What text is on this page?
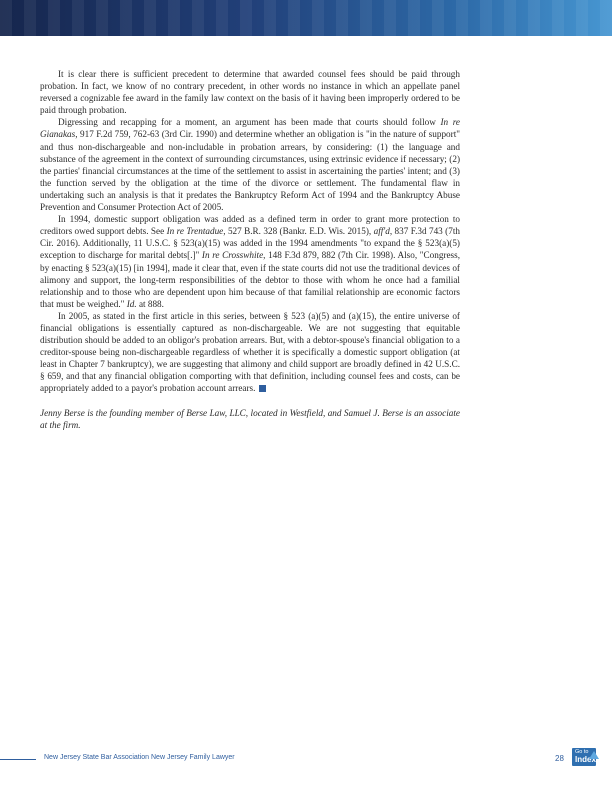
It is clear there is sufficient precedent to determine that awarded counsel fees should be paid through probation. In fact, we know of no contrary precedent, in other words no instance in which an appellate panel reversed a cognizable fee award in the family law context on the basis of it having been improperly ordered to be paid through probation.

Digressing and recapping for a moment, an argument has been made that courts should follow In re Gianakas, 917 F.2d 759, 762-63 (3rd Cir. 1990) and determine whether an obligation is "in the nature of support" and thus non-dischargeable and non-includable in probation arrears, by considering: (1) the language and substance of the agreement in the context of surrounding circumstances, using extrinsic evidence if necessary; (2) the parties' financial circumstances at the time of the settlement to assist in ascertaining the parties' intent; and (3) the function served by the obligation at the time of the divorce or settlement. The fundamental flaw in undertaking such an analysis is that it predates the Bankruptcy Reform Act of 1994 and the Bankruptcy Abuse Prevention and Consumer Protection Act of 2005.

In 1994, domestic support obligation was added as a defined term in order to grant more protection to creditors owed support debts. See In re Trentadue, 527 B.R. 328 (Bankr. E.D. Wis. 2015), aff'd, 837 F.3d 743 (7th Cir. 2016). Additionally, 11 U.S.C. § 523(a)(15) was added in the 1994 amendments "to expand the § 523(a)(5) exception to discharge for marital debts[.]" In re Crosswhite, 148 F.3d 879, 882 (7th Cir. 1998). Also, "Congress, by enacting § 523(a)(15) [in 1994], made it clear that, even if the state courts did not use the traditional devices of alimony and support, the long-term responsibilities of the debtor to those with whom he once had a familial relationship and to those who are dependent upon him because of that familial relationship are economic factors that must be weighed." Id. at 888.

In 2005, as stated in the first article in this series, between § 523 (a)(5) and (a)(15), the entire universe of financial obligations is essentially captured as non-dischargeable. We are not suggesting that equitable distribution should be added to an obligor's probation arrears. But, with a debtor-spouse's financial obligation to a creditor-spouse being non-dischargeable regardless of whether it is specifically a domestic support obligation (at least in Chapter 7 bankruptcy), we are suggesting that alimony and child support are broadly defined in 42 U.S.C. § 659, and that any financial obligation comporting with that definition, including counsel fees and costs, can be appropriately added to a payor's probation account arrears.

Jenny Berse is the founding member of Berse Law, LLC, located in Westfield, and Samuel J. Berse is an associate at the firm.

New Jersey State Bar Association New Jersey Family Lawyer	28
Go to
Index
